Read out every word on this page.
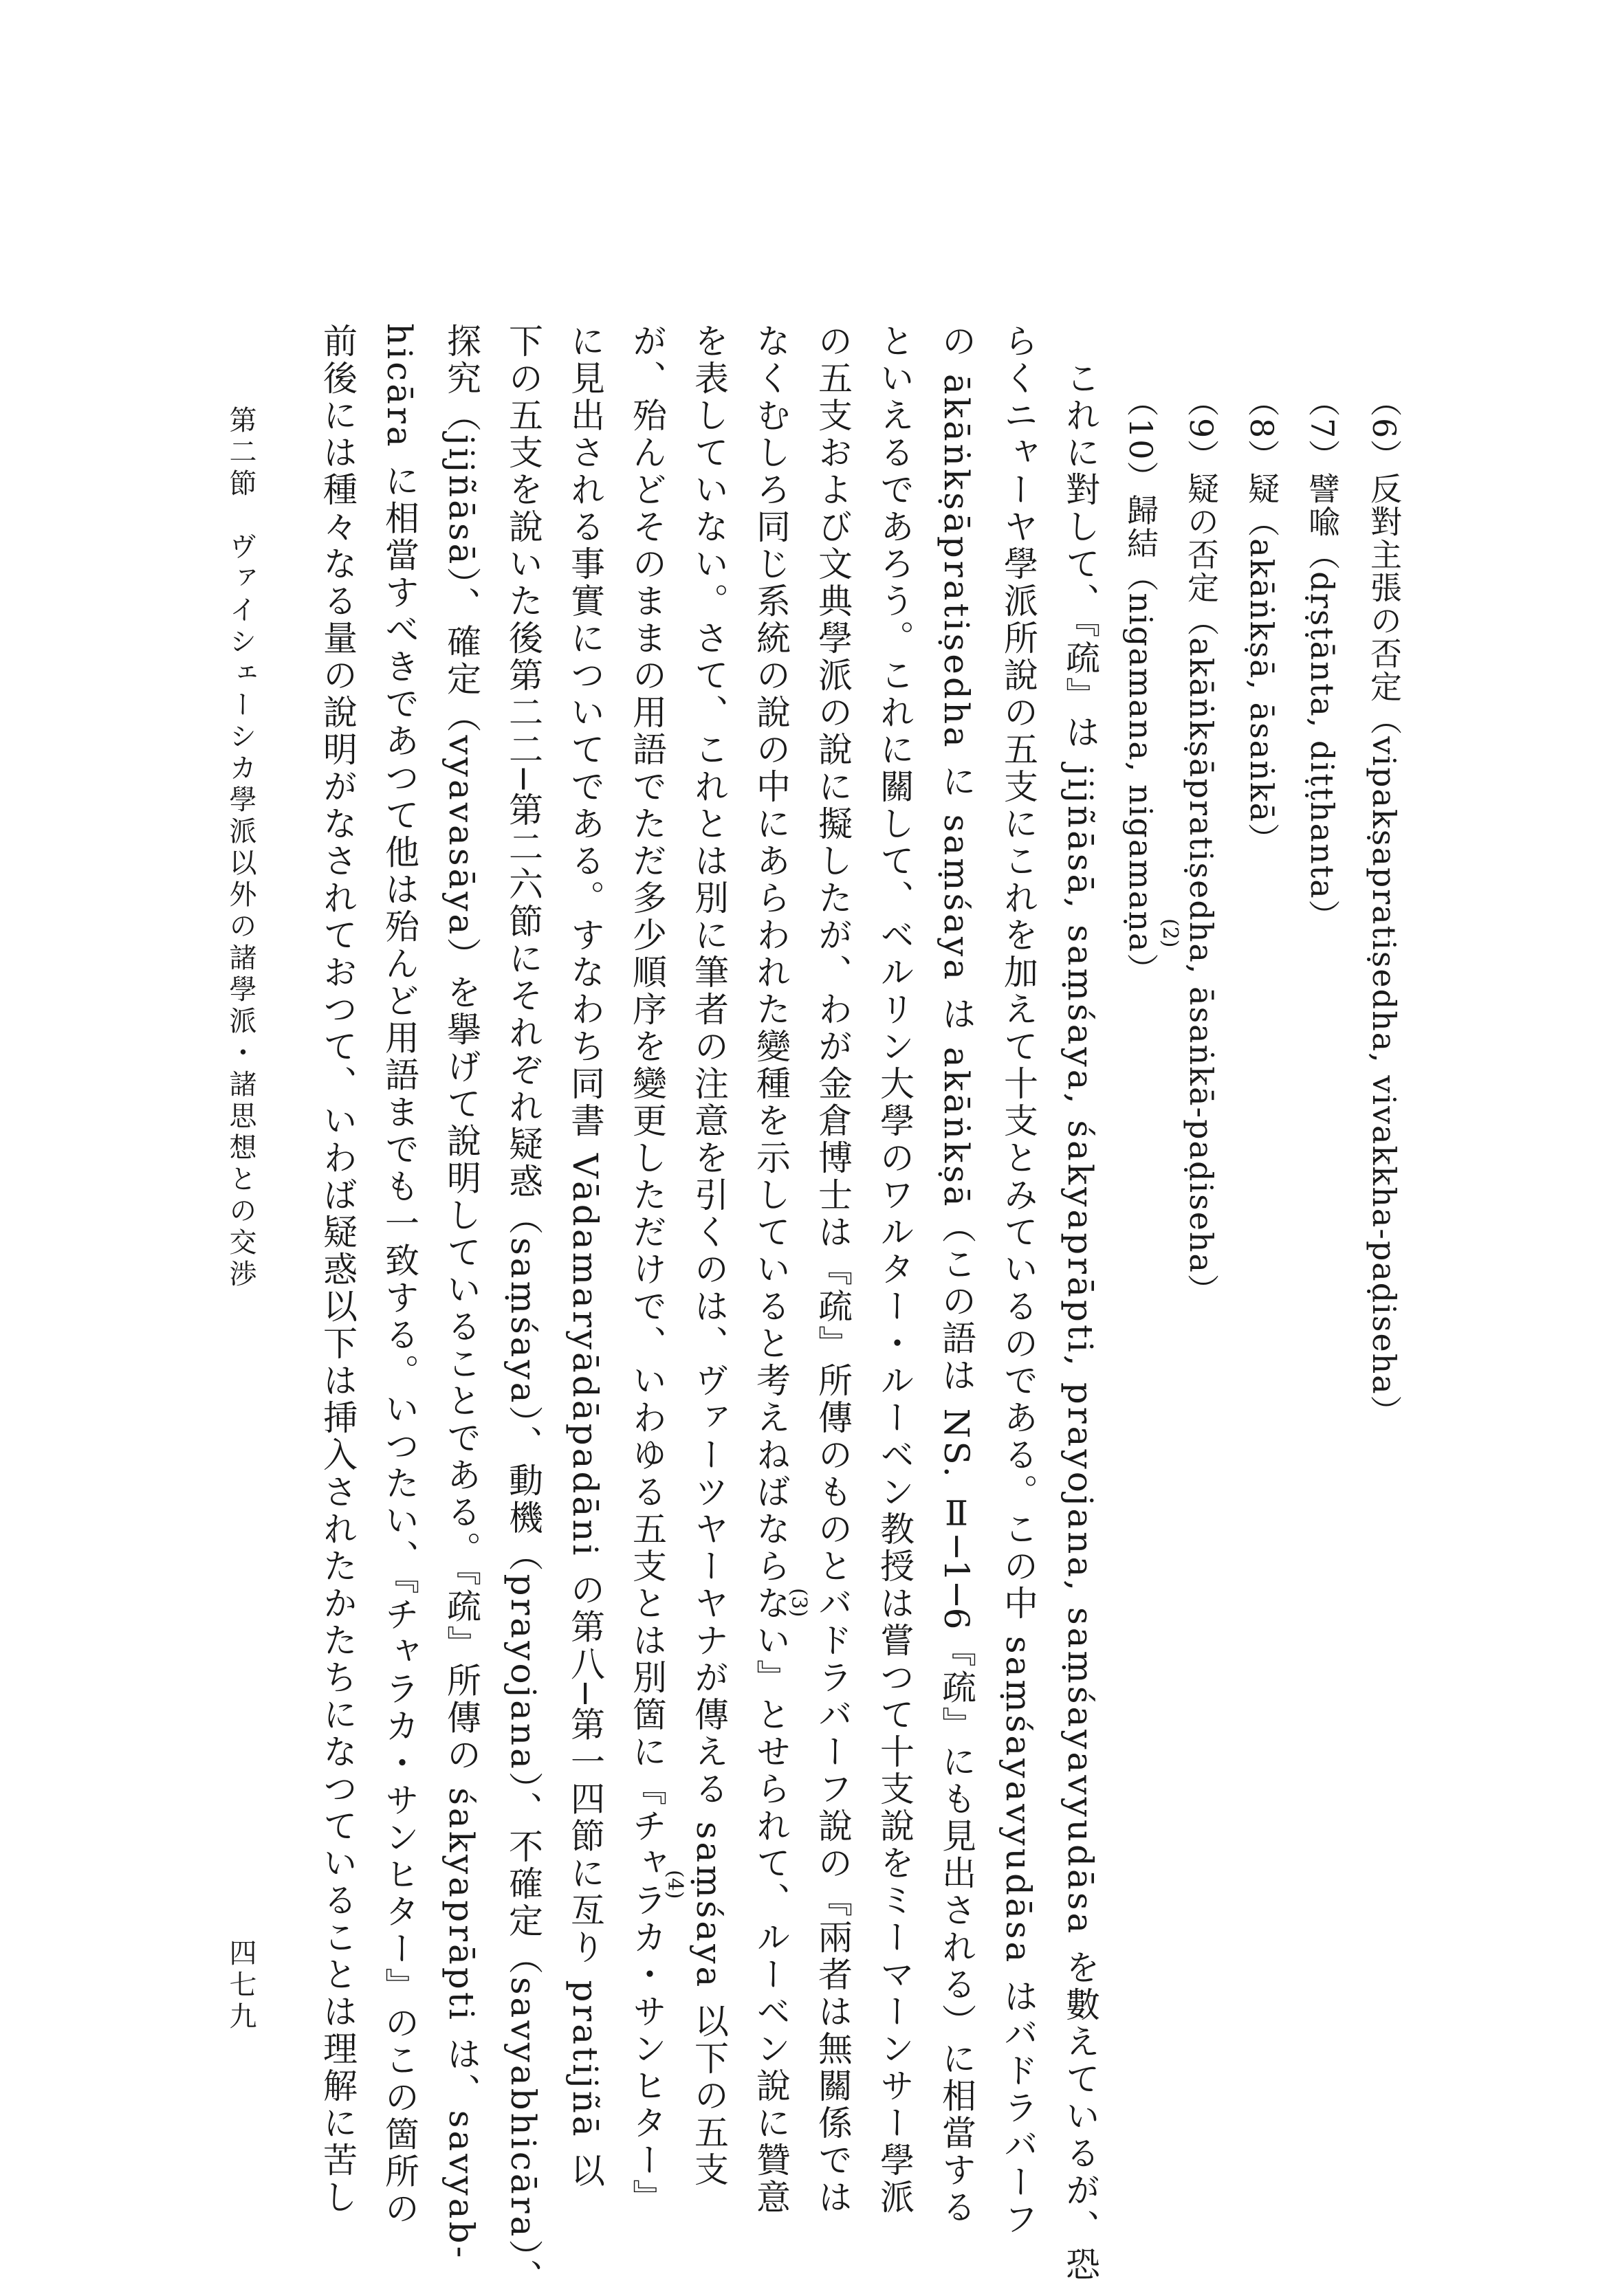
（6）反對主張の否定（vipakṣapratiṣedha, vivakkha-paḍiseha）
（7）譬喩（dṛṣṭānta, diṭṭhanta）
（8）疑（akāṅkṣā, āsaṅkā）
（9）疑の否定（akāṅkṣāpratiṣedha, āsaṅkā-paḍiseha）
（10）歸結（nigamana, nigamaṇa）
(2)
　これに對して、『疏』は jijñāsā, saṃśaya, śakyaprāpti, prayojana, saṃśayavyudāsa を數えているが、恐
らくニャーヤ學派所說の五支にこれを加えて十支とみているのである。この中 saṃśayavyudāsa はバドラバーフ
の ākāṅkṣāpratiṣedha に saṃśaya は akāṅkṣā（この語は NS. Ⅱ─1─6『疏』にも見出される）に相當する
といえるであろう。これに關して、ベルリン大學のワルター・ルーベン教授は嘗つて十支說をミーマーンサー學派
の五支および文典學派の說に擬したが、わが金倉博士は『疏』所傳のものとバドラバーフ說の『兩者は無關係では
なくむしろ同じ系統の說の中にあらわれた變種を示していると考えねばならない』とせられて、ルーベン說に贊意
(3)
を表していない。さて、これとは別に筆者の注意を引くのは、ヴァーツヤーヤナが傳える saṃśaya 以下の五支
が、殆んどそのままの用語でただ多少順序を變更しただけで、いわゆる五支とは別箇に『チャラカ・サンヒター』
(4)
に見出される事實についてである。すなわち同書 Vādamaryādāpadāni の第八─第一四節に亙り pratijñā 以
下の五支を說いた後第二二─第二六節にそれぞれ疑惑（saṃśaya）、動機（prayojana）、不確定（savyabhicāra）、
探究（jijñāsā）、確定（vyavasāya）を擧げて說明していることである。『疏』所傳の śakyaprāpti は、savyab-
hicāra に相當すべきであつて他は殆んど用語までも一致する。いつたい、『チャラカ・サンヒター』のこの箇所の
前後には種々なる量の說明がなされておつて、いわば疑惑以下は挿入されたかたちになつていることは理解に苦し
第二節　ヴァイシェーシカ學派以外の諸學派・諸思想との交渉
四七九
